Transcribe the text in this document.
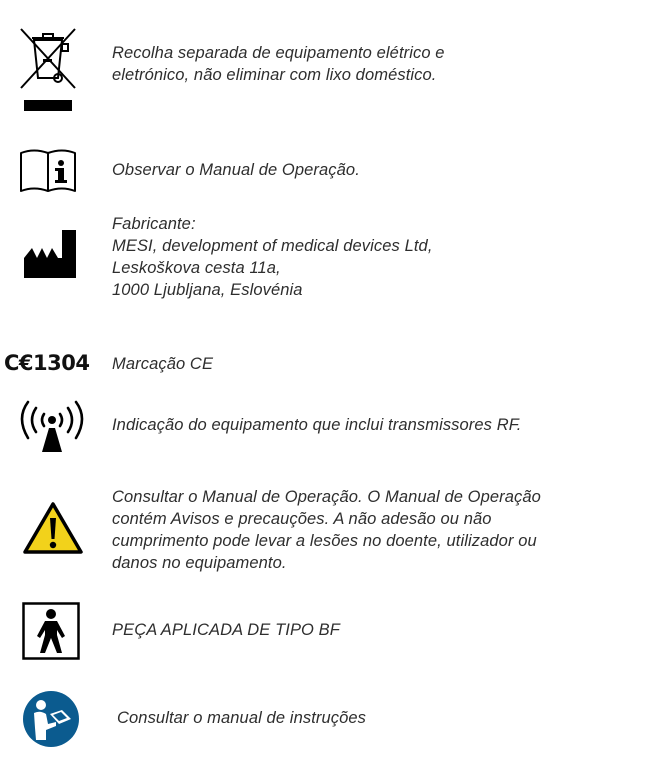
Recolha separada de equipamento elétrico e
eletrónico, não eliminar com lixo doméstico.
Observar o Manual de Operação.
Fabricante:
MESI, development of medical devices Ltd,
Leskoškova cesta 11a,
1000 Ljubljana, Eslovénia
C€1304 Marcação CE
Indicação do equipamento que inclui transmissores RF.
Consultar o Manual de Operação. O Manual de Operação
contém Avisos e precauções. A não adesão ou não
cumprimento pode levar a lesões no doente, utilizador ou
danos no equipamento.
PEÇA APLICADA DE TIPO BF
Consultar o manual de instruções
